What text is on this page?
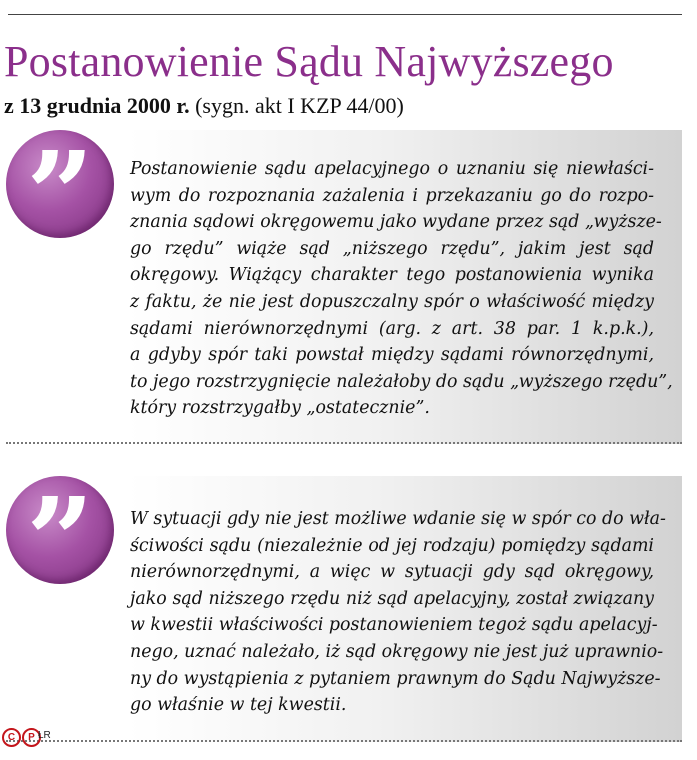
Postanowienie Sądu Najwyższego

z 13 grudnia 2000 r. (sygn. akt I KZP 44/00)

”	Postanowienie sądu apelacyjnego o uznaniu się niewłaści-
wym do rozpoznania zażalenia i przekazaniu go do rozpo-
znania sądowi okręgowemu jako wydane przez sąd „wyższe-
go rzędu” wiąże sąd „niższego rzędu”, jakim jest sąd
okręgowy. Wiążący charakter tego postanowienia wynika
z faktu, że nie jest dopuszczalny spór o właściwość między
sądami nierównorzędnymi (arg. z art. 38 par. 1 k.p.k.),
a gdyby spór taki powstał między sądami równorzędnymi,
to jego rozstrzygnięcie należałoby do sądu „wyższego rzędu”,
który rozstrzygałby „ostatecznie”.

”	W sytuacji gdy nie jest możliwe wdanie się w spór co do wła-
ściwości sądu (niezależnie od jej rodzaju) pomiędzy sądami
nierównorzędnymi, a więc w sytuacji gdy sąd okręgowy,
jako sąd niższego rzędu niż sąd apelacyjny, został związany
w kwestii właściwości postanowieniem tegoż sądu apelacyj-
nego, uznać należało, iż sąd okręgowy nie jest już uprawnio-
ny do wystąpienia z pytaniem prawnym do Sądu Najwyższe-
go właśnie w tej kwestii.

C	P ŁR
